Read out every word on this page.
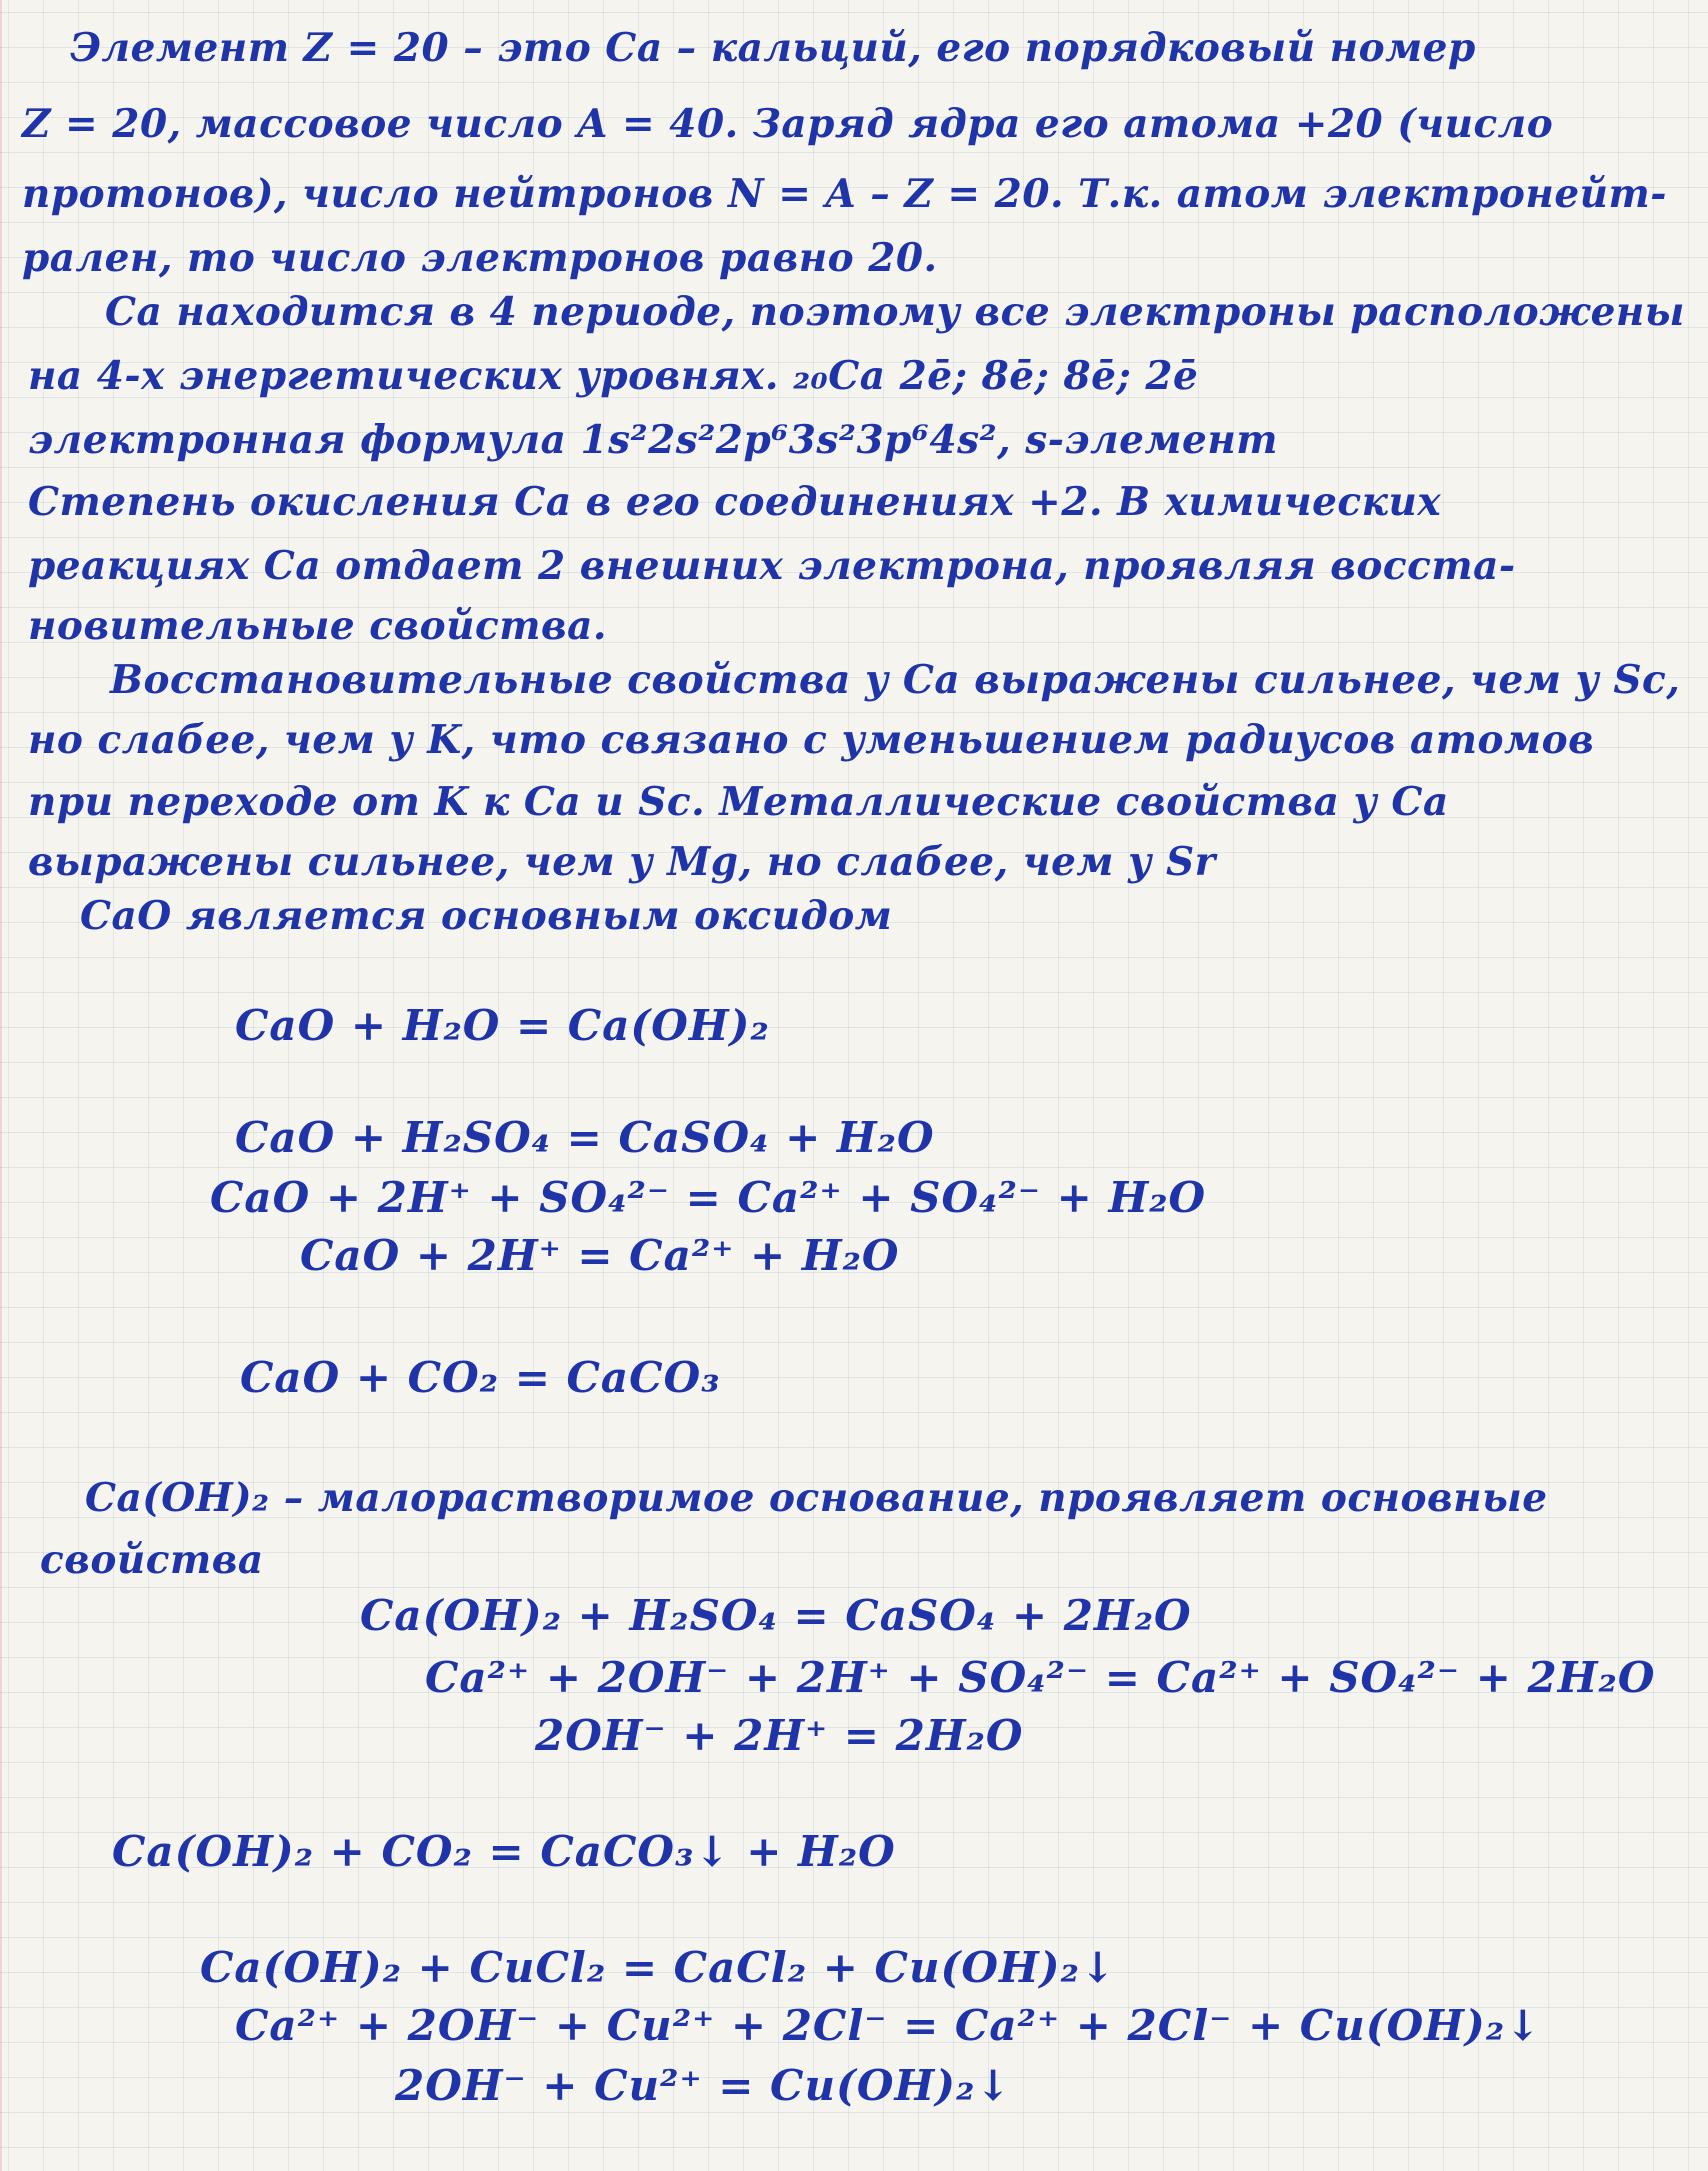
Элемент Z = 20 – это Ca – кальций, его порядковый номер
Z = 20, массовое число A = 40. Заряд ядра его атома +20 (число
протонов), число нейтронов N = A – Z = 20. Т.к. атом электронейт-
рален, то число электронов равно 20.
Ca находится в 4 периоде, поэтому все электроны расположены
на 4-х энергетических уровнях. ₂₀Ca 2ē; 8ē; 8ē; 2ē
электронная формула 1s²2s²2p⁶3s²3p⁶4s², s-элемент
Степень окисления Ca в его соединениях +2. В химических
реакциях Ca отдает 2 внешних электрона, проявляя восста-
новительные свойства.
Восстановительные свойства у Ca выражены сильнее, чем у Sc,
но слабее, чем у K, что связано с уменьшением радиусов атомов
при переходе от K к Ca и Sc. Металлические свойства у Ca
выражены сильнее, чем у Mg, но слабее, чем у Sr
CaO является основным оксидом
CaO + H₂O = Ca(OH)₂
CaO + H₂SO₄ = CaSO₄ + H₂O
CaO + 2H⁺ + SO₄²⁻ = Ca²⁺ + SO₄²⁻ + H₂O
CaO + 2H⁺ = Ca²⁺ + H₂O
CaO + CO₂ = CaCO₃
Ca(OH)₂ – малорастворимое основание, проявляет основные
свойства
Ca(OH)₂ + H₂SO₄ = CaSO₄ + 2H₂O
Ca²⁺ + 2OH⁻ + 2H⁺ + SO₄²⁻ = Ca²⁺ + SO₄²⁻ + 2H₂O
2OH⁻ + 2H⁺ = 2H₂O
Ca(OH)₂ + CO₂ = CaCO₃↓ + H₂O
Ca(OH)₂ + CuCl₂ = CaCl₂ + Cu(OH)₂↓
Ca²⁺ + 2OH⁻ + Cu²⁺ + 2Cl⁻ = Ca²⁺ + 2Cl⁻ + Cu(OH)₂↓
2OH⁻ + Cu²⁺ = Cu(OH)₂↓
